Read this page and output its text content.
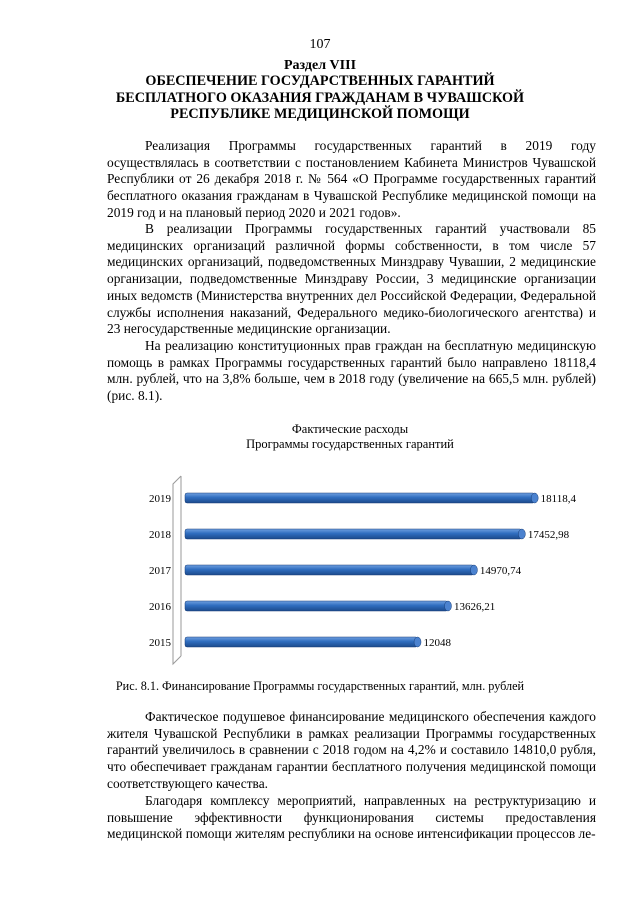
107
Раздел VIII
ОБЕСПЕЧЕНИЕ ГОСУДАРСТВЕННЫХ ГАРАНТИЙ БЕСПЛАТНОГО ОКАЗАНИЯ ГРАЖДАНАМ В ЧУВАШСКОЙ РЕСПУБЛИКЕ МЕДИЦИНСКОЙ ПОМОЩИ

Реализация Программы государственных гарантий в 2019 году осуществлялась в соответствии с постановлением Кабинета Министров Чувашской Республики от 26 декабря 2018 г. № 564 «О Программе государственных гарантий бесплатного оказания гражданам в Чувашской Республике медицинской помощи на 2019 год и на плановый период 2020 и 2021 годов».

В реализации Программы государственных гарантий участвовали 85 медицинских организаций различной формы собственности, в том числе 57 медицинских организаций, подведомственных Минздраву Чувашии, 2 медицинские организации, подведомственные Минздраву России, 3 медицинские организации иных ведомств (Министерства внутренних дел Российской Федерации, Федеральной службы исполнения наказаний, Федерального медико-биологического агентства) и 23 негосударственные медицинские организации.

На реализацию конституционных прав граждан на бесплатную медицинскую помощь в рамках Программы государственных гарантий было направлено 18118,4 млн. рублей, что на 3,8% больше, чем в 2018 году (увеличение на 665,5 млн. рублей) (рис. 8.1).

Фактические расходы
Программы государственных гарантий
2019	18118,4
2018	17452,98
2017	14970,74
2016	13626,21
2015	12048
Рис. 8.1. Финансирование Программы государственных гарантий, млн. рублей

Фактическое подушевое финансирование медицинского обеспечения каждого жителя Чувашской Республики в рамках реализации Программы государственных гарантий увеличилось в сравнении с 2018 годом на 4,2% и составило 14810,0 рубля, что обеспечивает гражданам гарантии бесплатного получения медицинской помощи соответствующего качества.

Благодаря комплексу мероприятий, направленных на реструктуризацию и повышение эффективности функционирования системы предоставления медицинской помощи жителям республики на основе интенсификации процессов ле-
